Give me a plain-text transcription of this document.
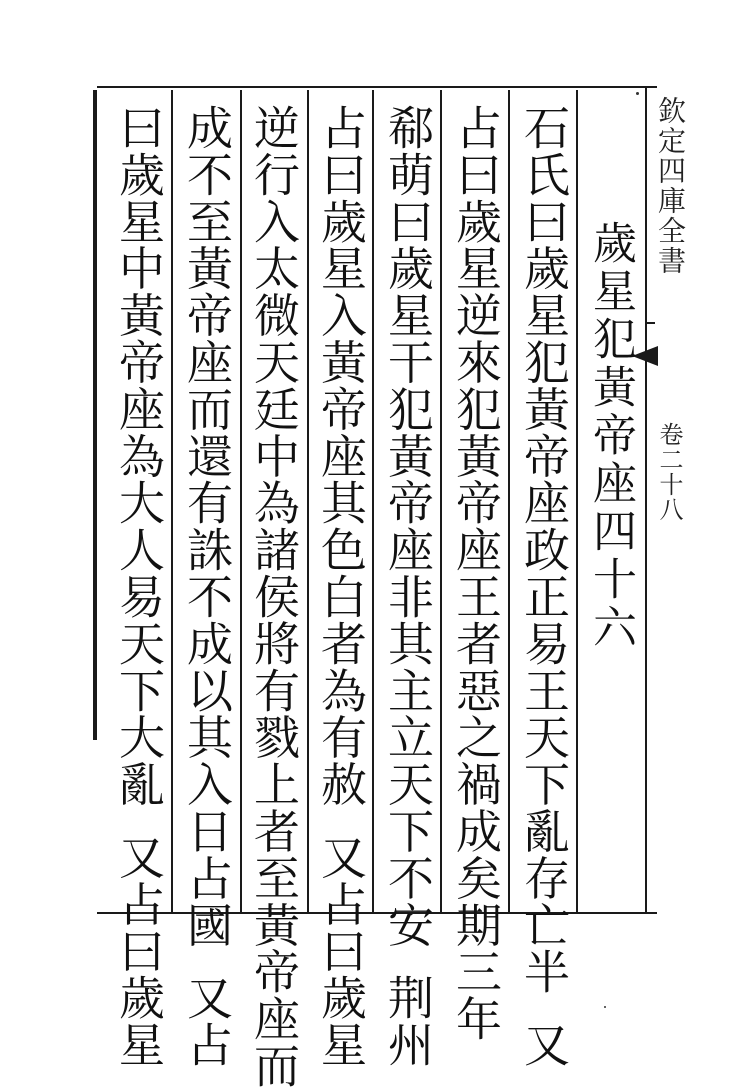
欽定四庫全書
卷二十八
歲星犯黃帝座四十六
石氏曰歲星犯黃帝座政正易王天下亂存亡半又
占曰歲星逆來犯黃帝座王者惡之禍成矣期三年
郗萌曰歲星干犯黃帝座非其主立天下不安荆州
占曰歲星入黃帝座其色白者為有赦又占曰歲星
逆行入太微天廷中為諸侯將有戮上者至黃帝座而
成不至黃帝座而還有誅不成以其入日占國又占
曰歲星中黃帝座為大人易天下大亂又占曰歲星
